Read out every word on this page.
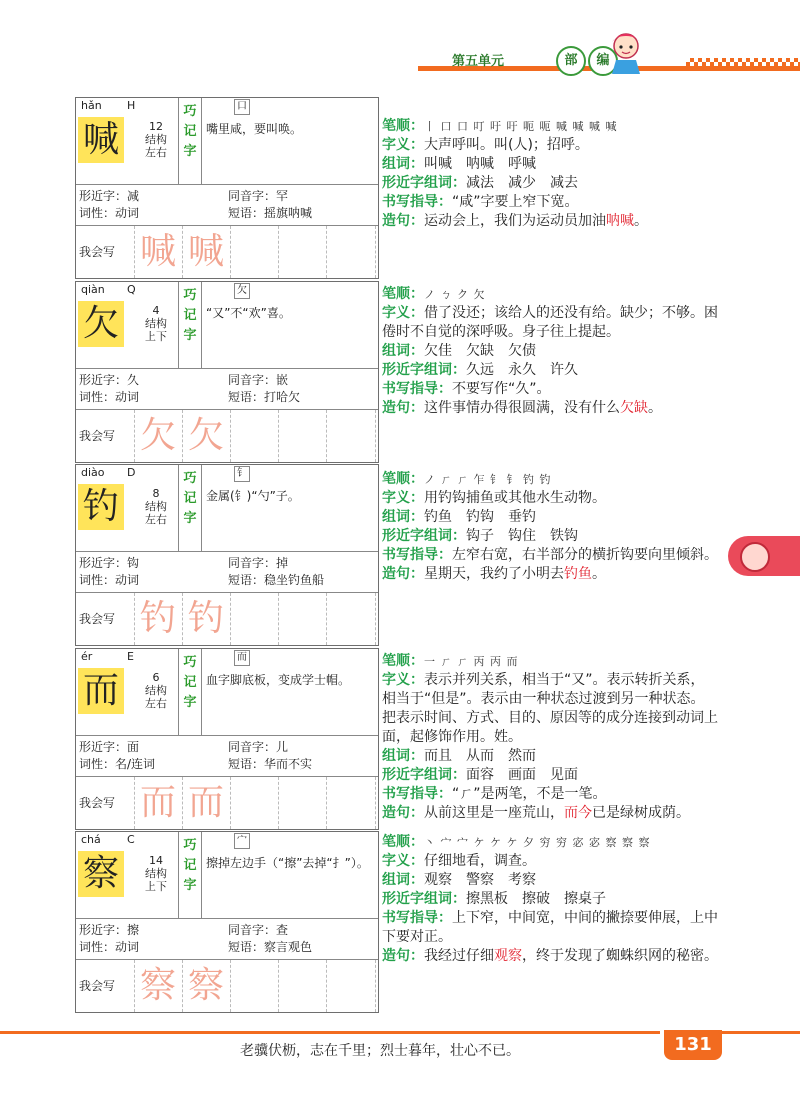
第五单元	部	编
hǎn H	口
喊	12
结构
左右
巧
记
字
嘴里咸，要叫唤。
形近字：减
词性：动词
同音字：罕
短语：摇旗呐喊
我会写 喊 喊
qiàn Q	欠
欠	4
结构
上下
巧
记
字
“又”不“欢”喜。
形近字：久
词性：动词
同音字：嵌
短语：打哈欠
我会写 欠 欠
diào D	钅
钓	8
结构
左右
巧
记
字
金属(钅)“勺”子。
形近字：钩
词性：动词
同音字：掉
短语：稳坐钓鱼船
我会写 钓 钓
ér	E	而
而	6
结构
左右
巧
记
字
血字脚底板，变成学士帽。
形近字：面
词性：名/连词
同音字：儿
短语：华而不实
我会写 而 而
chá C	宀
察	14
结构
上下
巧
记
字
擦掉左边手（“擦”去掉“扌”）。
形近字：擦
词性：动词
同音字：查
短语：察言观色
我会写 察 察
笔顺：丨 口 口 叮 吁 吁 呃 呃 喊 喊 喊 喊
字义：大声呼叫。叫(人)；招呼。
组词：叫喊　呐喊　呼喊
形近字组词：减法　减少　减去
书写指导：“咸”字要上窄下宽。
造句：运动会上，我们为运动员加油呐喊。
笔顺：ノ ㄅ ク 欠
字义：借了没还；该给人的还没有给。缺少；不够。困倦时不自觉的深呼吸。身子往上提起。
组词：欠佳　欠缺　欠债
形近字组词：久远　永久　许久
书写指导：不要写作“久”。
造句：这件事情办得很圆满，没有什么欠缺。
笔顺：ノ ㄏ ㄏ 乍 钅 钅 钓 钓
字义：用钓钩捕鱼或其他水生动物。
组词：钓鱼　钓钩　垂钓
形近字组词：钩子　钩住　铁钩
书写指导：左窄右宽，右半部分的横折钩要向里倾斜。
造句：星期天，我约了小明去钓鱼。
笔顺：一 ㄏ ㄏ 丙 丙 而
字义：表示并列关系，相当于“又”。表示转折关系，相当于“但是”。表示由一种状态过渡到另一种状态。把表示时间、方式、目的、原因等的成分连接到动词上面，起修饰作用。姓。
组词：而且　从而　然而
形近字组词：面容　画面　见面
书写指导：“ㄏ”是两笔，不是一笔。
造句：从前这里是一座荒山，而今已是绿树成荫。
笔顺：丶 宀 宀 ケ ケ ケ 夕 穷 穷 宓 宓 察 察 察
字义：仔细地看，调查。
组词：观察　警察　考察
形近字组词：擦黑板　擦破　擦桌子
书写指导：上下窄，中间宽，中间的撇捺要伸展，上中下要对正。
造句：我经过仔细观察，终于发现了蜘蛛织网的秘密。
老骥伏枥，志在千里；烈士暮年，壮心不已。	131
